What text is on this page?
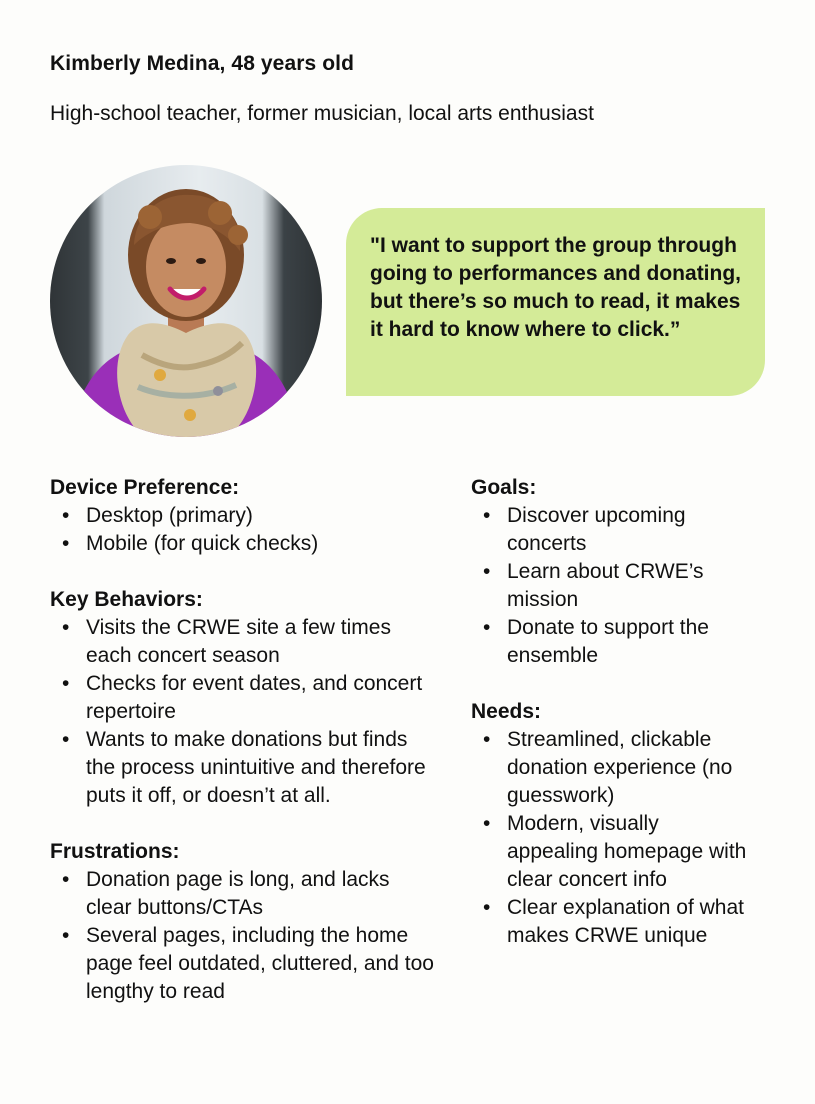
Kimberly Medina, 48 years old
High-school teacher, former musician, local arts enthusiast

"I want to support the group through going to performances and donating, but there’s so much to read, it makes it hard to know where to click.”

Device Preference:
• Desktop (primary)
• Mobile (for quick checks)
Key Behaviors:
• Visits the CRWE site a few times each concert season
• Checks for event dates, and concert repertoire
• Wants to make donations but finds the process unintuitive and therefore puts it off, or doesn’t at all.
Frustrations:
• Donation page is long, and lacks clear buttons/CTAs
• Several pages, including the home page feel outdated, cluttered, and too lengthy to read
Goals:
• Discover upcoming concerts
• Learn about CRWE’s mission
• Donate to support the ensemble
Needs:
• Streamlined, clickable donation experience (no guesswork)
• Modern, visually appealing homepage with clear concert info
• Clear explanation of what makes CRWE unique
